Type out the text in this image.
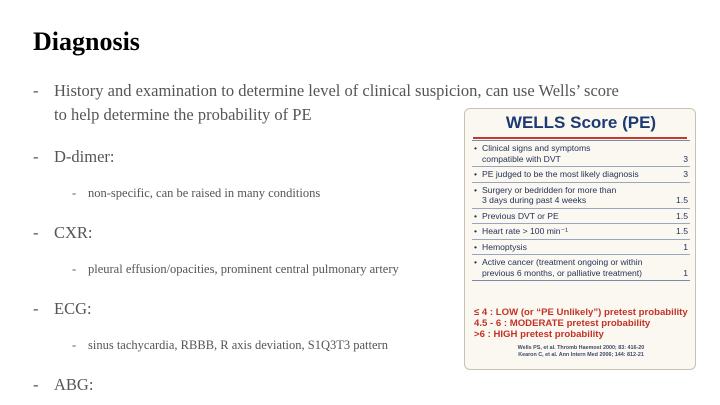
Diagnosis
- History and examination to determine level of clinical suspicion, can use Wells’ score
to help determine the probability of PE
- D-dimer:
- non-specific, can be raised in many conditions
- CXR:
- pleural effusion/opacities, prominent central pulmonary artery
- ECG:
- sinus tachycardia, RBBB, R axis deviation, S1Q3T3 pattern
- ABG:
WELLS Score (PE)
• Clinical signs and symptoms
compatible with DVT	3
• PE judged to be the most likely diagnosis	3
• Surgery or bedridden for more than
3 days during past 4 weeks	1.5
• Previous DVT or PE	1.5
• Heart rate > 100 min⁻¹	1.5
• Hemoptysis	1
• Active cancer (treatment ongoing or within
previous 6 months, or palliative treatment)	1
≤ 4 : LOW (or “PE Unlikely”) pretest probability
4.5 - 6 : MODERATE pretest probability
>6 : HIGH pretest probability
Wells PS, et al. Thromb Haemost 2000; 83: 416-20
Kearon C, et al. Ann Intern Med 2006; 144: 812-21
